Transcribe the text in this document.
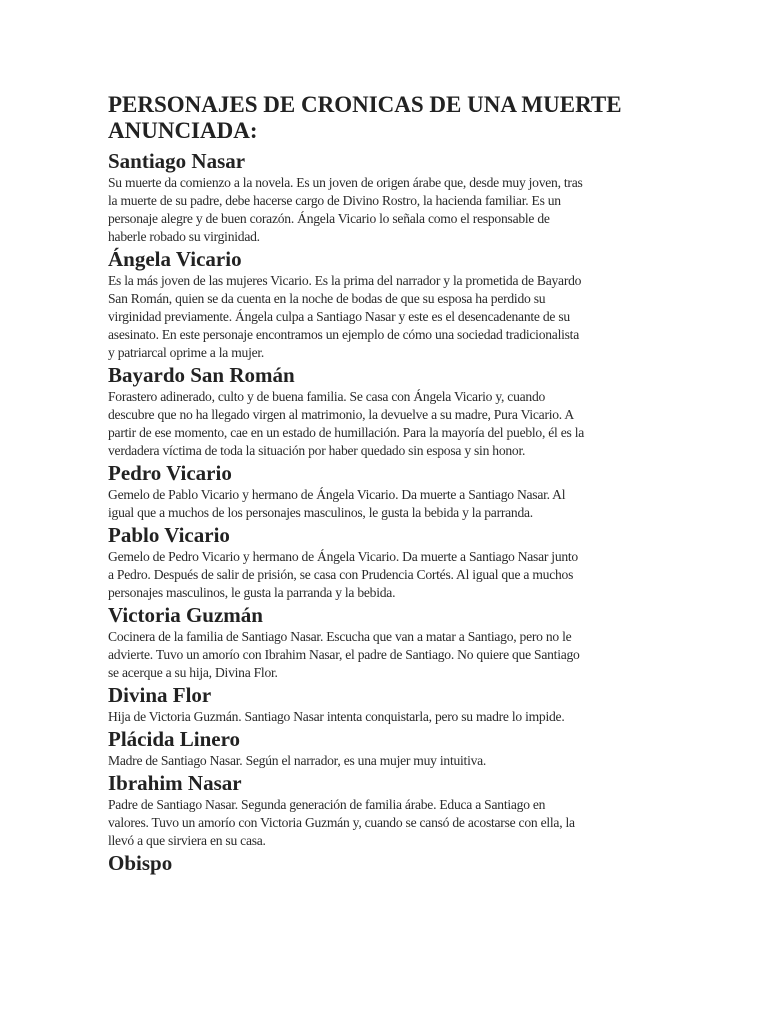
PERSONAJES DE CRONICAS DE UNA MUERTE
ANUNCIADA:
Santiago Nasar
Su muerte da comienzo a la novela. Es un joven de origen árabe que, desde muy joven, tras
la muerte de su padre, debe hacerse cargo de Divino Rostro, la hacienda familiar. Es un
personaje alegre y de buen corazón. Ángela Vicario lo señala como el responsable de
haberle robado su virginidad.
Ángela Vicario
Es la más joven de las mujeres Vicario. Es la prima del narrador y la prometida de Bayardo
San Román, quien se da cuenta en la noche de bodas de que su esposa ha perdido su
virginidad previamente. Ángela culpa a Santiago Nasar y este es el desencadenante de su
asesinato. En este personaje encontramos un ejemplo de cómo una sociedad tradicionalista
y patriarcal oprime a la mujer.
Bayardo San Román
Forastero adinerado, culto y de buena familia. Se casa con Ángela Vicario y, cuando
descubre que no ha llegado virgen al matrimonio, la devuelve a su madre, Pura Vicario. A
partir de ese momento, cae en un estado de humillación. Para la mayoría del pueblo, él es la
verdadera víctima de toda la situación por haber quedado sin esposa y sin honor.
Pedro Vicario
Gemelo de Pablo Vicario y hermano de Ángela Vicario. Da muerte a Santiago Nasar. Al
igual que a muchos de los personajes masculinos, le gusta la bebida y la parranda.
Pablo Vicario
Gemelo de Pedro Vicario y hermano de Ángela Vicario. Da muerte a Santiago Nasar junto
a Pedro. Después de salir de prisión, se casa con Prudencia Cortés. Al igual que a muchos
personajes masculinos, le gusta la parranda y la bebida.
Victoria Guzmán
Cocinera de la familia de Santiago Nasar. Escucha que van a matar a Santiago, pero no le
advierte. Tuvo un amorío con Ibrahim Nasar, el padre de Santiago. No quiere que Santiago
se acerque a su hija, Divina Flor.
Divina Flor
Hija de Victoria Guzmán. Santiago Nasar intenta conquistarla, pero su madre lo impide.
Plácida Linero
Madre de Santiago Nasar. Según el narrador, es una mujer muy intuitiva.
Ibrahim Nasar
Padre de Santiago Nasar. Segunda generación de familia árabe. Educa a Santiago en
valores. Tuvo un amorío con Victoria Guzmán y, cuando se cansó de acostarse con ella, la
llevó a que sirviera en su casa.
Obispo
